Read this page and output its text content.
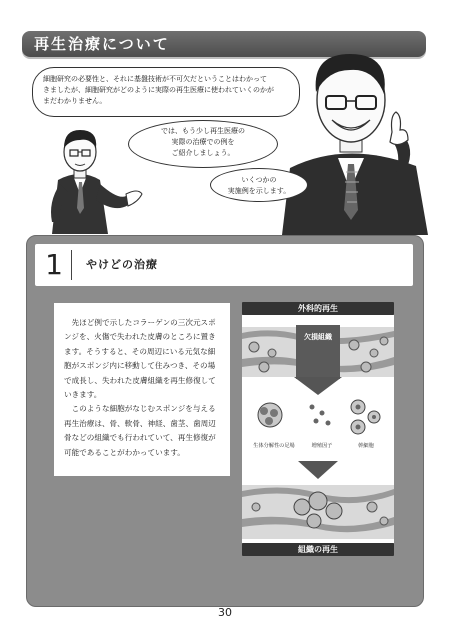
再生治療について
細胞研究の必要性と、それに基盤技術が不可欠だということはわかって
きましたが、細胞研究がどのように実際の再生医療に使われていくのかが
まだわかりません。
では、もう少し再生医療の
実際の治療での例を
ご紹介しましょう。
いくつかの
実施例を示します。
1	やけどの治療

先ほど例で示したコラーゲンの三次元スポンジを、火傷で失われた皮膚のところに置きます。そうすると、その周辺にいる元気な細胞がスポンジ内に移動して住みつき、その場で成長し、失われた皮膚組織を再生修復していきます。

このような細胞がなじむスポンジを与える再生治療は、骨、軟骨、神経、歯茎、歯周辺骨などの組織でも行われていて、再生修復が可能であることがわかっています。

外科的再生
欠損組織
生体分解性の足場	増殖因子	幹細胞
組織の再生
30
